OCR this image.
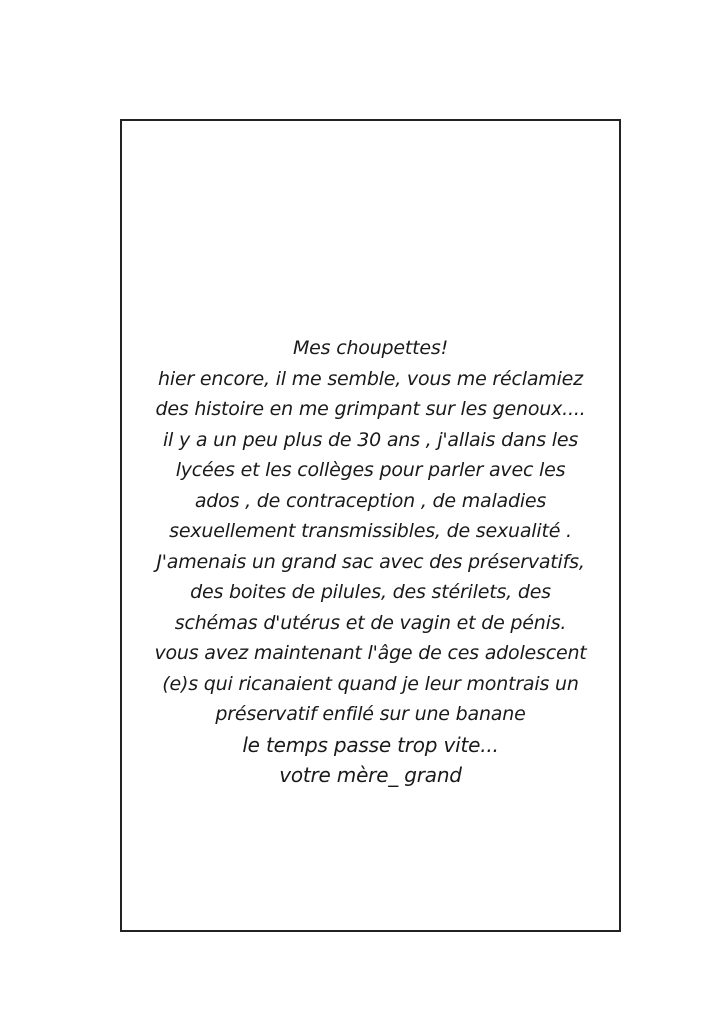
Mes choupettes!
hier encore, il me semble, vous me réclamiez
des histoire en me grimpant sur les genoux....
il y a un peu plus de 30 ans , j'allais dans les
lycées et les collèges pour parler avec les
ados , de contraception , de maladies
sexuellement transmissibles, de sexualité .
J'amenais un grand sac avec des préservatifs,
des boites de pilules, des stérilets, des
schémas d'utérus et de vagin et de pénis.
vous avez maintenant l'âge de ces adolescent
(e)s qui ricanaient quand je leur montrais un
préservatif enfilé sur une banane
le temps passe trop vite...
votre mère_ grand
